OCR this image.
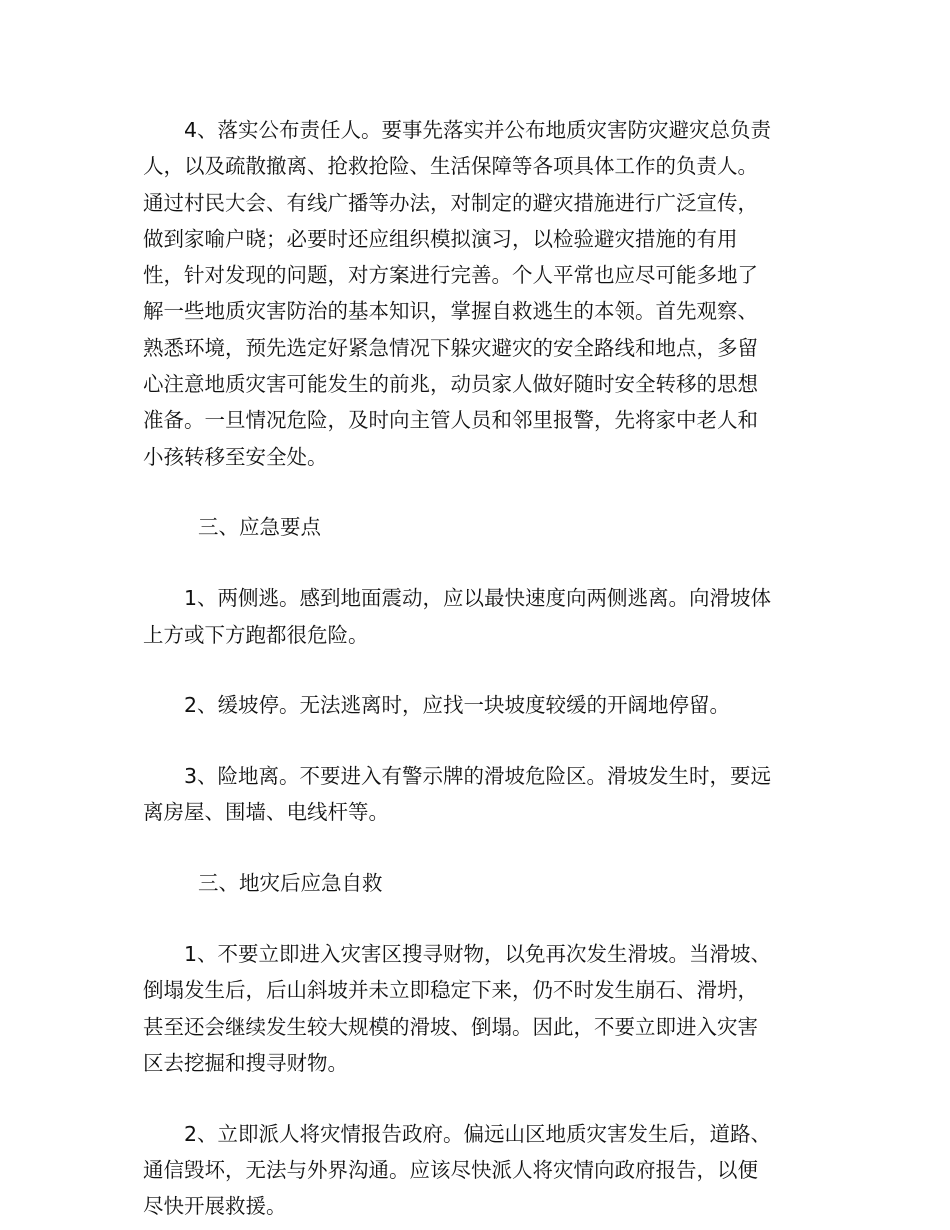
4、落实公布责任人。要事先落实并公布地质灾害防灾避灾总负责
人，以及疏散撤离、抢救抢险、生活保障等各项具体工作的负责人。
通过村民大会、有线广播等办法，对制定的避灾措施进行广泛宣传，
做到家喻户晓；必要时还应组织模拟演习，以检验避灾措施的有用
性，针对发现的问题，对方案进行完善。个人平常也应尽可能多地了
解一些地质灾害防治的基本知识，掌握自救逃生的本领。首先观察、
熟悉环境，预先选定好紧急情况下躲灾避灾的安全路线和地点，多留
心注意地质灾害可能发生的前兆，动员家人做好随时安全转移的思想
准备。一旦情况危险，及时向主管人员和邻里报警，先将家中老人和
小孩转移至安全处。
三、应急要点
1、两侧逃。感到地面震动，应以最快速度向两侧逃离。向滑坡体
上方或下方跑都很危险。
2、缓坡停。无法逃离时，应找一块坡度较缓的开阔地停留。
3、险地离。不要进入有警示牌的滑坡危险区。滑坡发生时，要远
离房屋、围墙、电线杆等。
三、地灾后应急自救
1、不要立即进入灾害区搜寻财物，以免再次发生滑坡。当滑坡、
倒塌发生后，后山斜坡并未立即稳定下来，仍不时发生崩石、滑坍，
甚至还会继续发生较大规模的滑坡、倒塌。因此，不要立即进入灾害
区去挖掘和搜寻财物。
2、立即派人将灾情报告政府。偏远山区地质灾害发生后，道路、
通信毁坏，无法与外界沟通。应该尽快派人将灾情向政府报告，以便
尽快开展救援。
